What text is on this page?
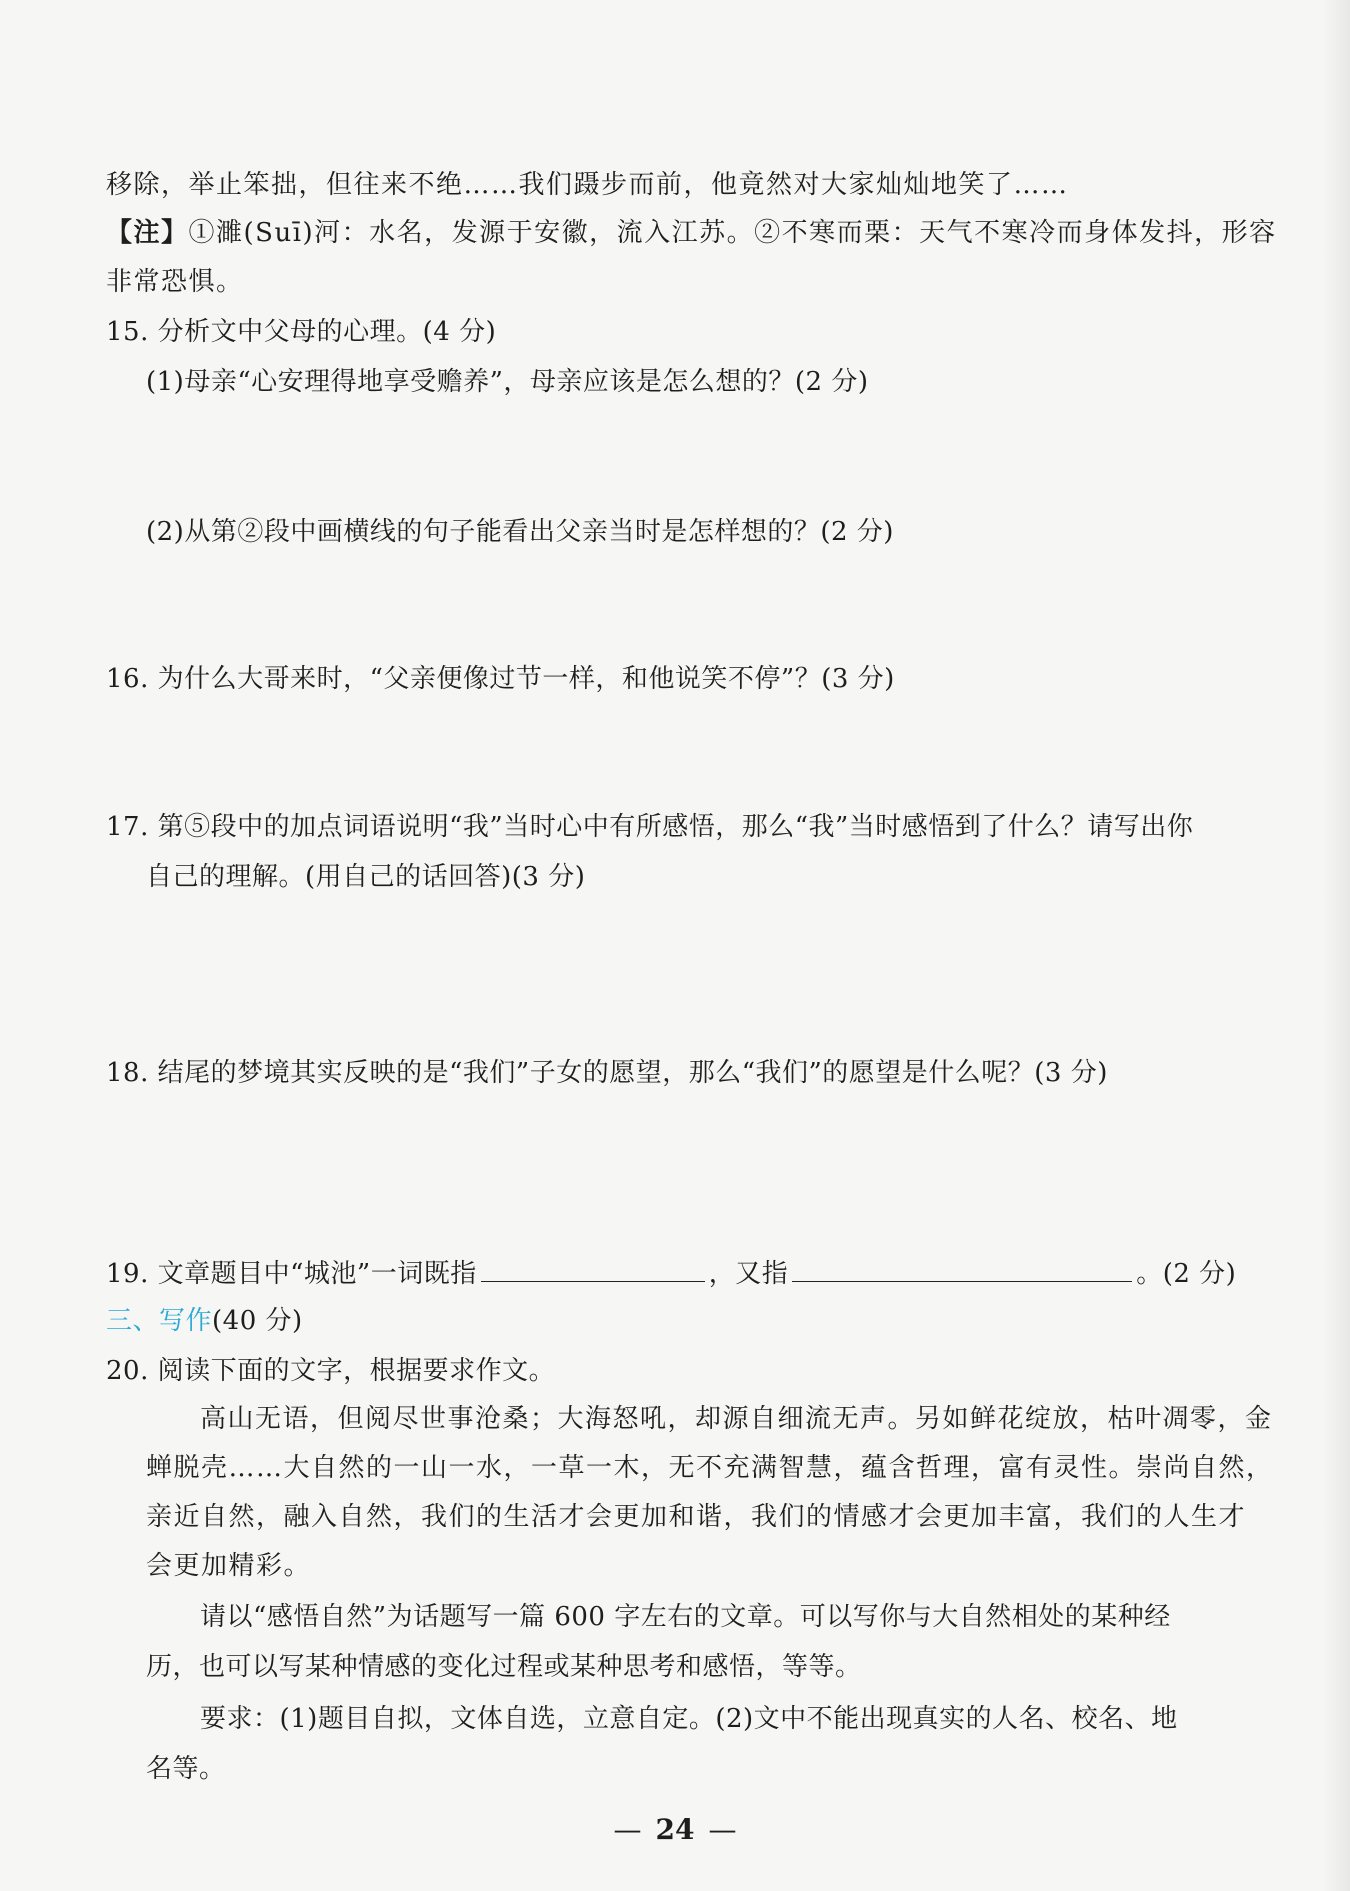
移除，举止笨拙，但往来不绝……我们蹑步而前，他竟然对大家灿灿地笑了……
【注】①濉(Suī)河：水名，发源于安徽，流入江苏。②不寒而栗：天气不寒冷而身体发抖，形容
非常恐惧。
15. 分析文中父母的心理。(4 分)
(1)母亲“心安理得地享受赡养”，母亲应该是怎么想的？(2 分)
(2)从第②段中画横线的句子能看出父亲当时是怎样想的？(2 分)
16. 为什么大哥来时，“父亲便像过节一样，和他说笑不停”？(3 分)
17. 第⑤段中的加点词语说明“我”当时心中有所感悟，那么“我”当时感悟到了什么？请写出你
自己的理解。(用自己的话回答)(3 分)
18. 结尾的梦境其实反映的是“我们”子女的愿望，那么“我们”的愿望是什么呢？(3 分)
19. 文章题目中“城池”一词既指	，又指	。(2 分)
三、写作(40 分)
20. 阅读下面的文字，根据要求作文。
高山无语，但阅尽世事沧桑；大海怒吼，却源自细流无声。另如鲜花绽放，枯叶凋零，金
蝉脱壳……大自然的一山一水，一草一木，无不充满智慧，蕴含哲理，富有灵性。崇尚自然，
亲近自然，融入自然，我们的生活才会更加和谐，我们的情感才会更加丰富，我们的人生才
会更加精彩。
请以“感悟自然”为话题写一篇 600 字左右的文章。可以写你与大自然相处的某种经
历，也可以写某种情感的变化过程或某种思考和感悟，等等。
要求：(1)题目自拟，文体自选，立意自定。(2)文中不能出现真实的人名、校名、地
名等。
— 24 —
